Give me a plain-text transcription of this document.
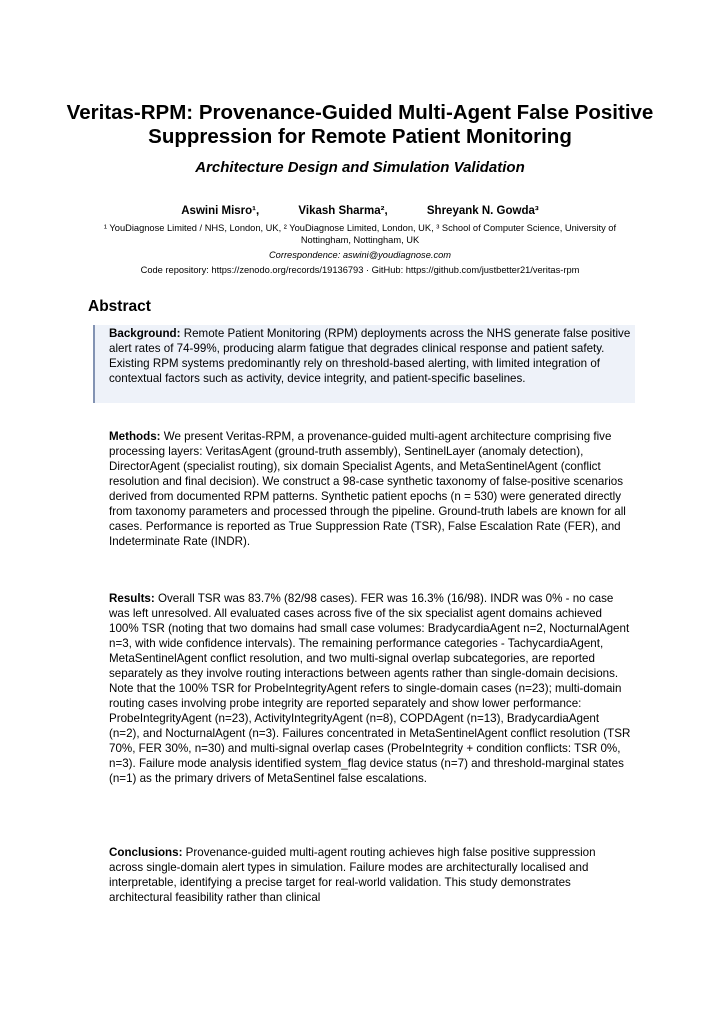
Veritas-RPM: Provenance-Guided Multi-Agent False Positive Suppression for Remote Patient Monitoring
Architecture Design and Simulation Validation
Aswini Misro¹,	Vikash Sharma²,	Shreyank N. Gowda³
¹ YouDiagnose Limited / NHS, London, UK, ² YouDiagnose Limited, London, UK, ³ School of Computer Science, University of Nottingham, Nottingham, UK
Correspondence: aswini@youdiagnose.com
Code repository: https://zenodo.org/records/19136793 · GitHub: https://github.com/justbetter21/veritas-rpm
Abstract

Background: Remote Patient Monitoring (RPM) deployments across the NHS generate false positive alert rates of 74-99%, producing alarm fatigue that degrades clinical response and patient safety. Existing RPM systems predominantly rely on threshold-based alerting, with limited integration of contextual factors such as activity, device integrity, and patient-specific baselines.

Methods: We present Veritas-RPM, a provenance-guided multi-agent architecture comprising five processing layers: VeritasAgent (ground-truth assembly), SentinelLayer (anomaly detection), DirectorAgent (specialist routing), six domain Specialist Agents, and MetaSentinelAgent (conflict resolution and final decision). We construct a 98-case synthetic taxonomy of false-positive scenarios derived from documented RPM patterns. Synthetic patient epochs (n = 530) were generated directly from taxonomy parameters and processed through the pipeline. Ground-truth labels are known for all cases. Performance is reported as True Suppression Rate (TSR), False Escalation Rate (FER), and Indeterminate Rate (INDR).

Results: Overall TSR was 83.7% (82/98 cases). FER was 16.3% (16/98). INDR was 0% - no case was left unresolved. All evaluated cases across five of the six specialist agent domains achieved 100% TSR (noting that two domains had small case volumes: BradycardiaAgent n=2, NocturnalAgent n=3, with wide confidence intervals). The remaining performance categories - TachycardiaAgent, MetaSentinelAgent conflict resolution, and two multi-signal overlap subcategories, are reported separately as they involve routing interactions between agents rather than single-domain decisions. Note that the 100% TSR for ProbeIntegrityAgent refers to single-domain cases (n=23); multi-domain routing cases involving probe integrity are reported separately and show lower performance: ProbeIntegrityAgent (n=23), ActivityIntegrityAgent (n=8), COPDAgent (n=13), BradycardiaAgent (n=2), and NocturnalAgent (n=3). Failures concentrated in MetaSentinelAgent conflict resolution (TSR 70%, FER 30%, n=30) and multi-signal overlap cases (ProbeIntegrity + condition conflicts: TSR 0%, n=3). Failure mode analysis identified system_flag device status (n=7) and threshold-marginal states (n=1) as the primary drivers of MetaSentinel false escalations.

Conclusions: Provenance-guided multi-agent routing achieves high false positive suppression across single-domain alert types in simulation. Failure modes are architecturally localised and interpretable, identifying a precise target for real-world validation. This study demonstrates architectural feasibility rather than clinical
